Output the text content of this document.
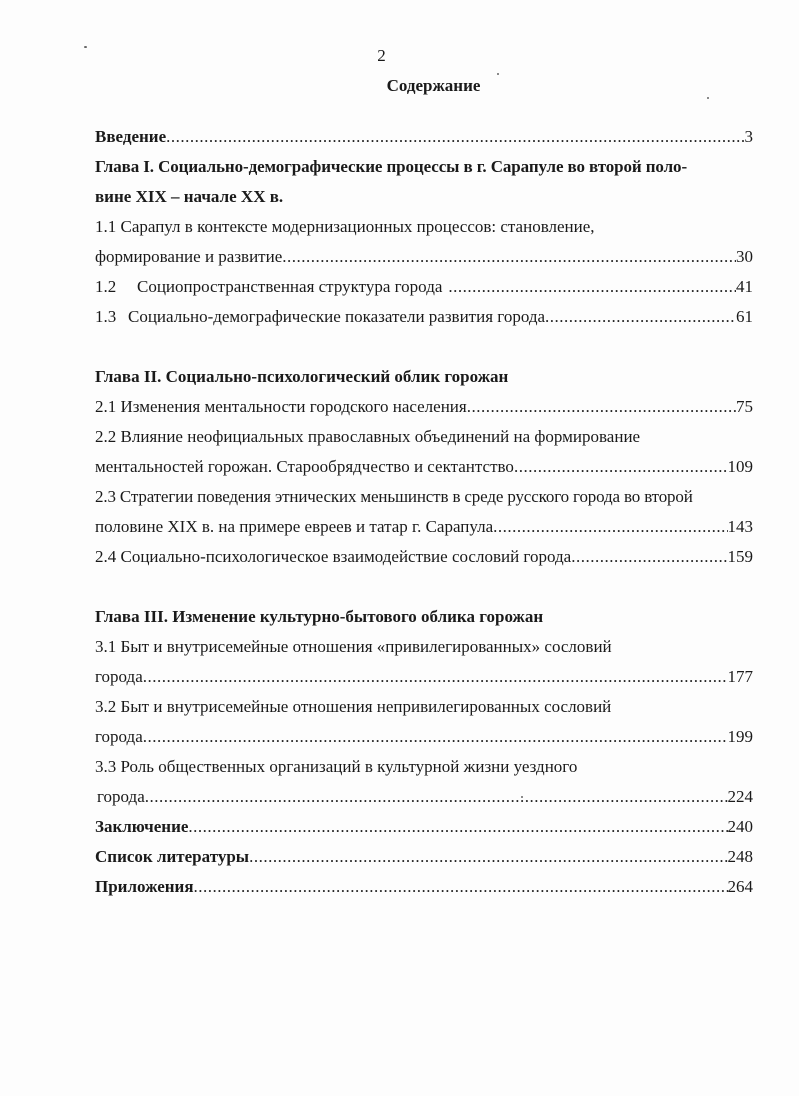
2
Содержание
Введение .....	3
Глава I. Социально-демографические процессы в г. Сарапуле во второй поло-
вине XIX – начале XX в.
1.1 Сарапул в контексте модернизационных процессов: становление,
формирование и развитие .....	30
1.2	Социопространственная структура города .....	41
1.3 Социально-демографические показатели развития города .....	61
Глава II. Социально-психологический облик горожан
2.1 Изменения ментальности городского населения .....	75
2.2 Влияние неофициальных православных объединений на формирование
ментальностей горожан. Старообрядчество и сектантство .....	109
2.3 Стратегии поведения этнических меньшинств в среде русского города во второй
половине XIX в. на примере евреев и татар г. Сарапула .....	143
2.4 Социально-психологическое взаимодействие сословий города .....	159
Глава III. Изменение культурно-бытового облика горожан
3.1 Быт и внутрисемейные отношения «привилегированных» сословий
города .....	177
3.2 Быт и внутрисемейные отношения непривилегированных сословий
города .....	199
3.3 Роль общественных организаций в культурной жизни уездного
города .....	224
Заключение .....	240
Список литературы .....	248
Приложения .....	264
